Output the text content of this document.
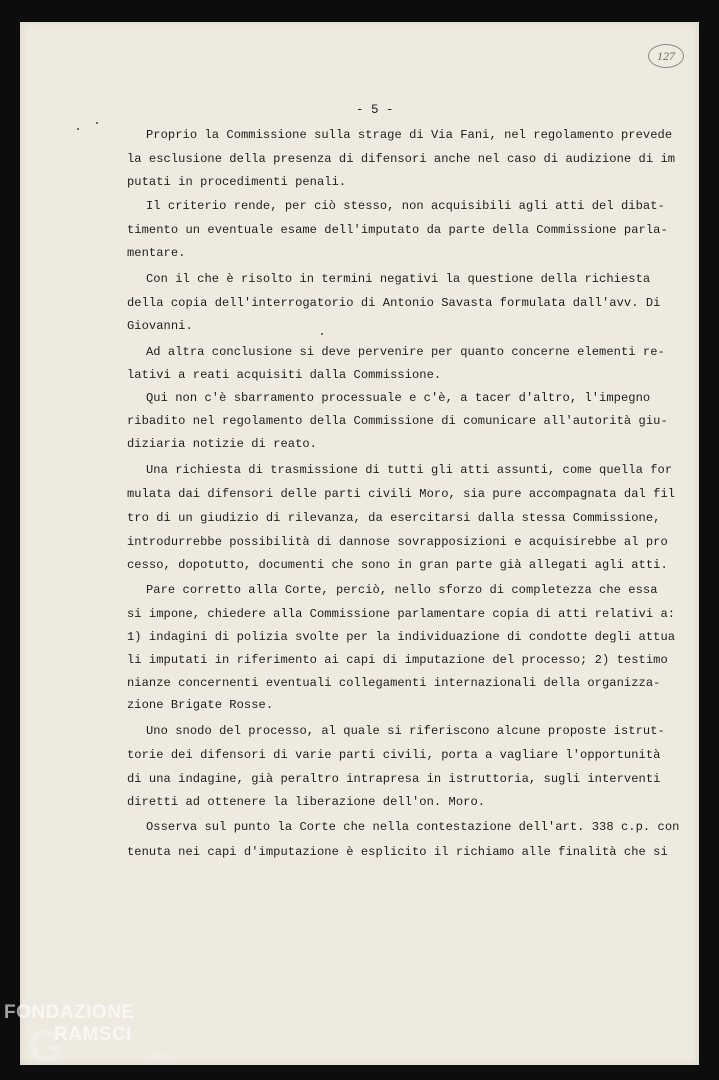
127
- 5 -
Proprio la Commissione sulla strage di Via Fani, nel regolamento prevede
la esclusione della presenza di difensori anche nel caso di audizione di im
putati in procedimenti penali.
Il criterio rende, per ciò stesso, non acquisibili agli atti del dibat-
timento un eventuale esame dell'imputato da parte della Commissione parla-
mentare.
Con il che è risolto in termini negativi la questione della richiesta
della copia dell'interrogatorio di Antonio Savasta formulata dall'avv. Di
Giovanni.
Ad altra conclusione si deve pervenire per quanto concerne elementi re-
lativi a reati acquisiti dalla Commissione.
Qui non c'è sbarramento processuale e c'è, a tacer d'altro, l'impegno
ribadito nel regolamento della Commissione di comunicare all'autorità giu-
diziaria notizie di reato.
Una richiesta di trasmissione di tutti gli atti assunti, come quella for
mulata dai difensori delle parti civili Moro, sia pure accompagnata dal fil
tro di un giudizio di rilevanza, da esercitarsi dalla stessa Commissione,
introdurrebbe possibilità di dannose sovrapposizioni e acquisirebbe al pro
cesso, dopotutto, documenti che sono in gran parte già allegati agli atti.
Pare corretto alla Corte, perciò, nello sforzo di completezza che essa
si impone, chiedere alla Commissione parlamentare copia di atti relativi a:
1) indagini di polizia svolte per la individuazione di condotte degli attua
li imputati in riferimento ai capi di imputazione del processo; 2) testimo
nianze concernenti eventuali collegamenti internazionali della organizza-
zione Brigate Rosse.
Uno snodo del processo, al quale si riferiscono alcune proposte istrut-
torie dei difensori di varie parti civili, porta a vagliare l'opportunità
di una indagine, già peraltro intrapresa in istruttoria, sugli interventi
diretti ad ottenere la liberazione dell'on. Moro.
Osserva sul punto la Corte che nella contestazione dell'art. 338 c.p. con
tenuta nei capi d'imputazione è esplicito il richiamo alle finalità che si
FONDAZIONE
G
RAMSCI
onlus
